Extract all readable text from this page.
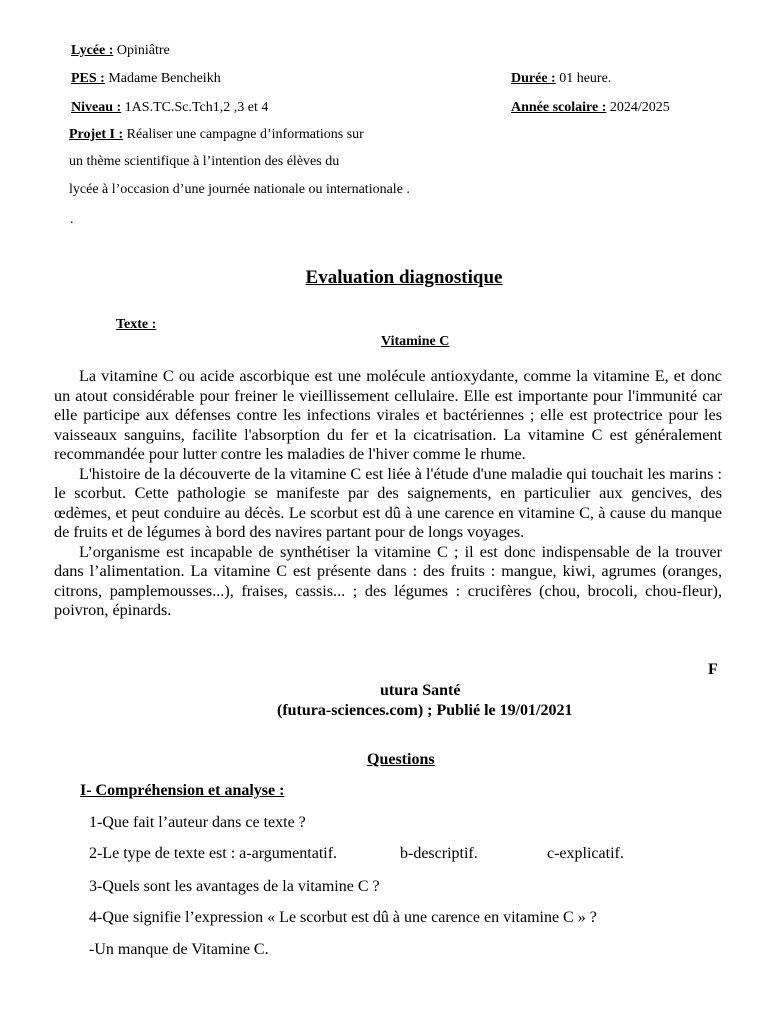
Lycée : Opiniâtre
PES : Madame Bencheikh	Durée : 01 heure.
Niveau : 1AS.TC.Sc.Tch1,2 ,3 et 4	Année scolaire : 2024/2025
Projet I : Réaliser une campagne d’informations sur
un thème scientifique à l’intention des élèves du
lycée à l’occasion d’une journée nationale ou internationale .
.
Evaluation diagnostique
Texte :
Vitamine C

La vitamine C ou acide ascorbique est une molécule antioxydante, comme la vitamine E, et donc un atout considérable pour freiner le vieillissement cellulaire. Elle est importante pour l'immunité car elle participe aux défenses contre les infections virales et bactériennes ; elle est protectrice pour les vaisseaux sanguins, facilite l'absorption du fer et la cicatrisation. La vitamine C est généralement recommandée pour lutter contre les maladies de l'hiver comme le rhume.

L'histoire de la découverte de la vitamine C est liée à l'étude d'une maladie qui touchait les marins : le scorbut. Cette pathologie se manifeste par des saignements, en particulier aux gencives, des œdèmes, et peut conduire au décès. Le scorbut est dû à une carence en vitamine C, à cause du manque de fruits et de légumes à bord des navires partant pour de longs voyages.

L’organisme est incapable de synthétiser la vitamine C ; il est donc indispensable de la trouver dans l’alimentation. La vitamine C est présente dans : des fruits : mangue, kiwi, agrumes (oranges, citrons, pamplemousses...), fraises, cassis... ; des légumes : crucifères (chou, brocoli, chou-fleur), poivron, épinards.

F
utura Santé
(futura-sciences.com) ; Publié le 19/01/2021
Questions
I- Compréhension et analyse :
1-Que fait l’auteur dans ce texte ?
2-Le type de texte est : a-argumentatif.	b-descriptif.	c-explicatif.
3-Quels sont les avantages de la vitamine C ?
4-Que signifie l’expression « Le scorbut est dû à une carence en vitamine C » ?
-Un manque de Vitamine C.
